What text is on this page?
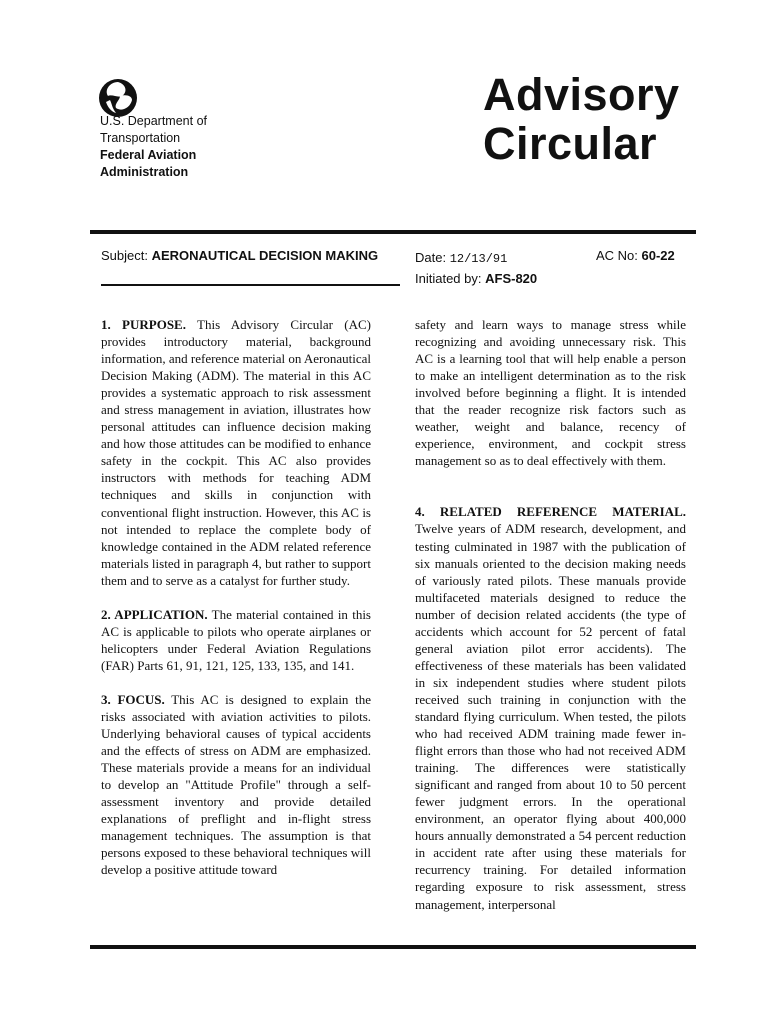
U.S. Department of
Transportation
Federal Aviation
Administration
Advisory
Circular
Subject: AERONAUTICAL DECISION MAKING	Date: 12/13/91
Initiated by: AFS-820
AC No: 60-22

1. PURPOSE. This Advisory Circular (AC) provides introductory material, background information, and reference material on Aeronautical Decision Making (ADM). The material in this AC provides a systematic approach to risk assessment and stress management in aviation, illustrates how personal attitudes can influence decision making and how those attitudes can be modified to enhance safety in the cockpit. This AC also provides instructors with methods for teaching ADM techniques and skills in conjunction with conventional flight instruction. However, this AC is not intended to replace the complete body of knowledge contained in the ADM related reference materials listed in paragraph 4, but rather to support them and to serve as a catalyst for further study.

2. APPLICATION. The material contained in this AC is applicable to pilots who operate airplanes or helicopters under Federal Aviation Regulations (FAR) Parts 61, 91, 121, 125, 133, 135, and 141.

3. FOCUS. This AC is designed to explain the risks associated with aviation activities to pilots. Underlying behavioral causes of typical accidents and the effects of stress on ADM are emphasized. These materials provide a means for an individual to develop an "Attitude Profile" through a self-assessment inventory and provide detailed explanations of preflight and in-flight stress management techniques. The assumption is that persons exposed to these behavioral techniques will develop a positive attitude toward

safety and learn ways to manage stress while recognizing and avoiding unnecessary risk. This AC is a learning tool that will help enable a person to make an intelligent determination as to the risk involved before beginning a flight. It is intended that the reader recognize risk factors such as weather, weight and balance, recency of experience, environment, and cockpit stress management so as to deal effectively with them.

4. RELATED REFERENCE MATERIAL. Twelve years of ADM research, development, and testing culminated in 1987 with the publication of six manuals oriented to the decision making needs of variously rated pilots. These manuals provide multifaceted materials designed to reduce the number of decision related accidents (the type of accidents which account for 52 percent of fatal general aviation pilot error accidents). The effectiveness of these materials has been validated in six independent studies where student pilots received such training in conjunction with the standard flying curriculum. When tested, the pilots who had received ADM training made fewer in-flight errors than those who had not received ADM training. The differences were statistically significant and ranged from about 10 to 50 percent fewer judgment errors. In the operational environment, an operator flying about 400,000 hours annually demonstrated a 54 percent reduction in accident rate after using these materials for recurrency training. For detailed information regarding exposure to risk assessment, stress management, interpersonal
